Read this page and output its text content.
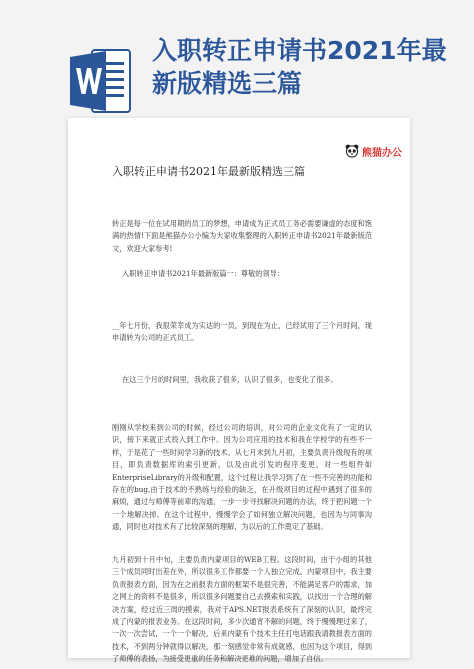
入职转正申请书2021年最新版精选三篇
熊猫办公
入职转正申请书2021年最新版精选三篇
转正是每一位在试用期的员工的梦想，申请成为正式员工务必需要谦虚的态度和饱满的热情!下面是熊猫办公小编为大家收集整理的入职转正申请书2021年最新版范文，欢迎大家参考!
入职转正申请书2021年最新版篇一：尊敬的领导：
__年七月份，我很荣幸成为实达的一员，到现在为止，已经试用了三个月时间，现申请转为公司的正式员工。
在这三个月的时间里，我收获了很多，认识了很多，也变化了很多。
刚刚从学校来到公司的时候，经过公司的培训，对公司的企业文化有了一定的认识，接下来就正式投入到工作中。因为公司应用的技术和我在学校学的有些不一样，于是花了一些时间学习新的技术。从七月末到九月初，主要负责升级现有的项目，即负责数据库的索引更新，以及由此引发的程序变更，对一些组件如EnterpriseLibrary的升级和配置，这个过程让我学习到了在一些不完善的功能和存在的bug,由于技术的不熟练与经验的缺乏，在升级项目的过程中遇到了很多的麻烦，通过与师傅等前辈的沟通，一步一步寻找解决问题的办法，终于把问题一个一个地解决掉。在这个过程中，慢慢学会了如何独立解决问题，也因为与同事沟通，同时也对技术有了比较深刻的理解，为以后的工作奠定了基础。
九月初到十月中旬，主要负责内蒙项目的WEB工程。这段时间，由于小组的其他三个成员同时出差在外，所以很多工作都要一个人独立完成。内蒙项目中，我主要负责报表方面，因为在之前报表方面的框架不是很完善，不能满足客户的需求，加之网上的资料不是很多，所以很多问题要自己去摸索和实践，以找出一个合理的解决方案，经过近三周的摸索，我对于APS.NET报表系统有了深刻的认识，最终完成了内蒙的报表业务。在这段时间，多少次通宵不解的问题，终于慢慢理过来了，一次一次尝试，一个一个解决，后来内蒙有个技术主任打电话跟我请教报表方面的技术，不到两分钟就得以解决，那一刻感觉非常有成就感，也因为这个项目，得到了师傅的表扬，为接受更重的任务和解决更难的问题，增加了自信。
